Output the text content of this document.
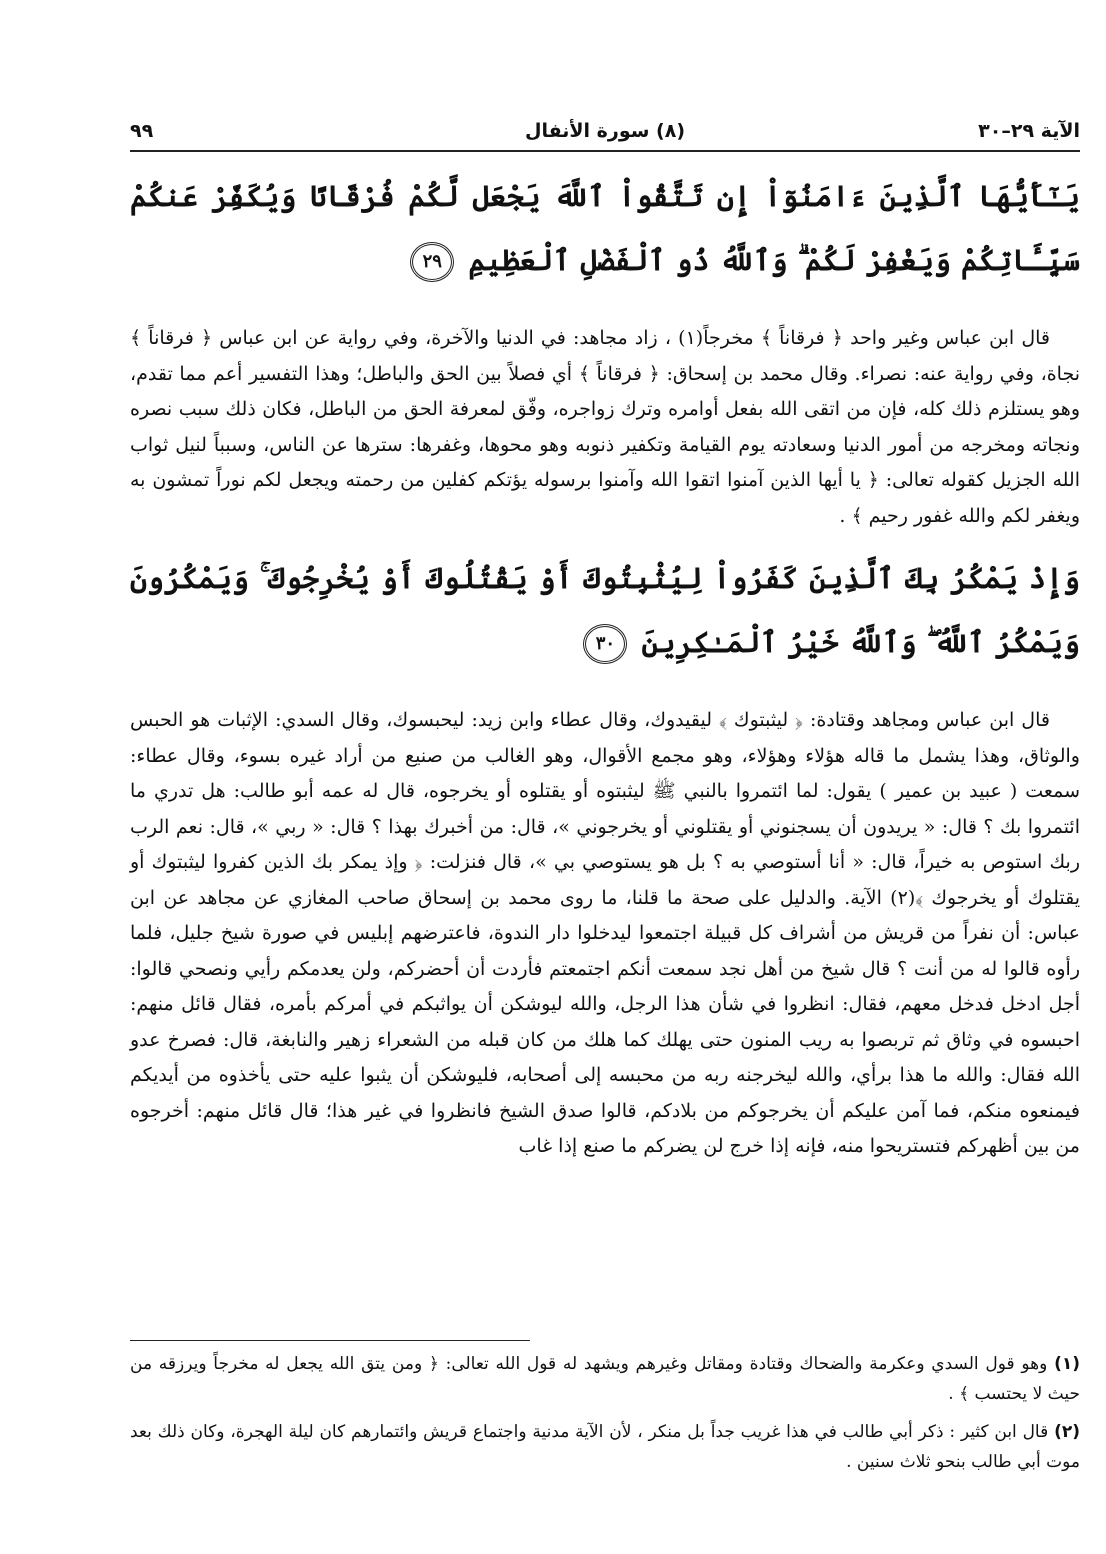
الآية ٢٩–٣٠
(٨) سورة الأنفال
٩٩

يَـٰٓأَيُّهَا ٱلَّذِينَ ءَامَنُوٓاْ إِن تَتَّقُواْ ٱللَّهَ يَجْعَل لَّكُمْ فُرْقَانًا وَيُكَفِّرْ عَنكُمْ سَيِّـَٔاتِكُمْ وَيَغْفِرْ لَكُمْ ۗ وَٱللَّهُ ذُو ٱلْفَضْلِ ٱلْعَظِيمِ ٢٩

قال ابن عباس وغير واحد ﴿ فرقاناً ﴾ مخرجاً(١) ، زاد مجاهد: في الدنيا والآخرة، وفي رواية عن ابن عباس ﴿ فرقاناً ﴾ نجاة، وفي رواية عنه: نصراء. وقال محمد بن إسحاق: ﴿ فرقاناً ﴾ أي فصلاً بين الحق والباطل؛ وهذا التفسير أعم مما تقدم، وهو يستلزم ذلك كله، فإن من اتقى الله بفعل أوامره وترك زواجره، وفّق لمعرفة الحق من الباطل، فكان ذلك سبب نصره ونجاته ومخرجه من أمور الدنيا وسعادته يوم القيامة وتكفير ذنوبه وهو محوها، وغفرها: سترها عن الناس، وسبباً لنيل ثواب الله الجزيل كقوله تعالى: ﴿ يا أيها الذين آمنوا اتقوا الله وآمنوا برسوله يؤتكم كفلين من رحمته ويجعل لكم نوراً تمشون به ويغفر لكم والله غفور رحيم ﴾ .

وَإِذْ يَمْكُرُ بِكَ ٱلَّذِينَ كَفَرُواْ لِيُثْبِتُوكَ أَوْ يَقْتُلُوكَ أَوْ يُخْرِجُوكَ ۚ وَيَمْكُرُونَ وَيَمْكُرُ ٱللَّهُ ۖ وَٱللَّهُ خَيْرُ ٱلْمَـٰكِرِينَ ٣٠

قال ابن عباس ومجاهد وقتادة: ﴿ ليثبتوك ﴾ ليقيدوك، وقال عطاء وابن زيد: ليحبسوك، وقال السدي: الإثبات هو الحبس والوثاق، وهذا يشمل ما قاله هؤلاء وهؤلاء، وهو مجمع الأقوال، وهو الغالب من صنيع من أراد غيره بسوء، وقال عطاء: سمعت ( عبيد بن عمير ) يقول: لما ائتمروا بالنبي ﷺ ليثبتوه أو يقتلوه أو يخرجوه، قال له عمه أبو طالب: هل تدري ما ائتمروا بك ؟ قال: « يريدون أن يسجنوني أو يقتلوني أو يخرجوني »، قال: من أخبرك بهذا ؟ قال: « ربي »، قال: نعم الرب ربك استوص به خيراً، قال: « أنا أستوصي به ؟ بل هو يستوصي بي »، قال فنزلت: ﴿ وإذ يمكر بك الذين كفروا ليثبتوك أو يقتلوك أو يخرجوك ﴾(٢) الآية. والدليل على صحة ما قلنا، ما روى محمد بن إسحاق صاحب المغازي عن مجاهد عن ابن عباس: أن نفراً من قريش من أشراف كل قبيلة اجتمعوا ليدخلوا دار الندوة، فاعترضهم إبليس في صورة شيخ جليل، فلما رأوه قالوا له من أنت ؟ قال شيخ من أهل نجد سمعت أنكم اجتمعتم فأردت أن أحضركم، ولن يعدمكم رأيي ونصحي قالوا: أجل ادخل فدخل معهم، فقال: انظروا في شأن هذا الرجل، والله ليوشكن أن يواثبكم في أمركم بأمره، فقال قائل منهم: احبسوه في وثاق ثم تربصوا به ريب المنون حتى يهلك كما هلك من كان قبله من الشعراء زهير والنابغة، قال: فصرخ عدو الله فقال: والله ما هذا برأي، والله ليخرجنه ربه من محبسه إلى أصحابه، فليوشكن أن يثبوا عليه حتى يأخذوه من أيديكم فيمنعوه منكم، فما آمن عليكم أن يخرجوكم من بلادكم، قالوا صدق الشيخ فانظروا في غير هذا؛ قال قائل منهم: أخرجوه من بين أظهركم فتستريحوا منه، فإنه إذا خرج لن يضركم ما صنع إذا غاب

(١) وهو قول السدي وعكرمة والضحاك وقتادة ومقاتل وغيرهم ويشهد له قول الله تعالى: ﴿ ومن يتق الله يجعل له مخرجاً ويرزقه من حيث لا يحتسب ﴾ .

(٢) قال ابن كثير : ذكر أبي طالب في هذا غريب جداً بل منكر ، لأن الآية مدنية واجتماع قريش وائتمارهم كان ليلة الهجرة، وكان ذلك بعد موت أبي طالب بنحو ثلاث سنين .
